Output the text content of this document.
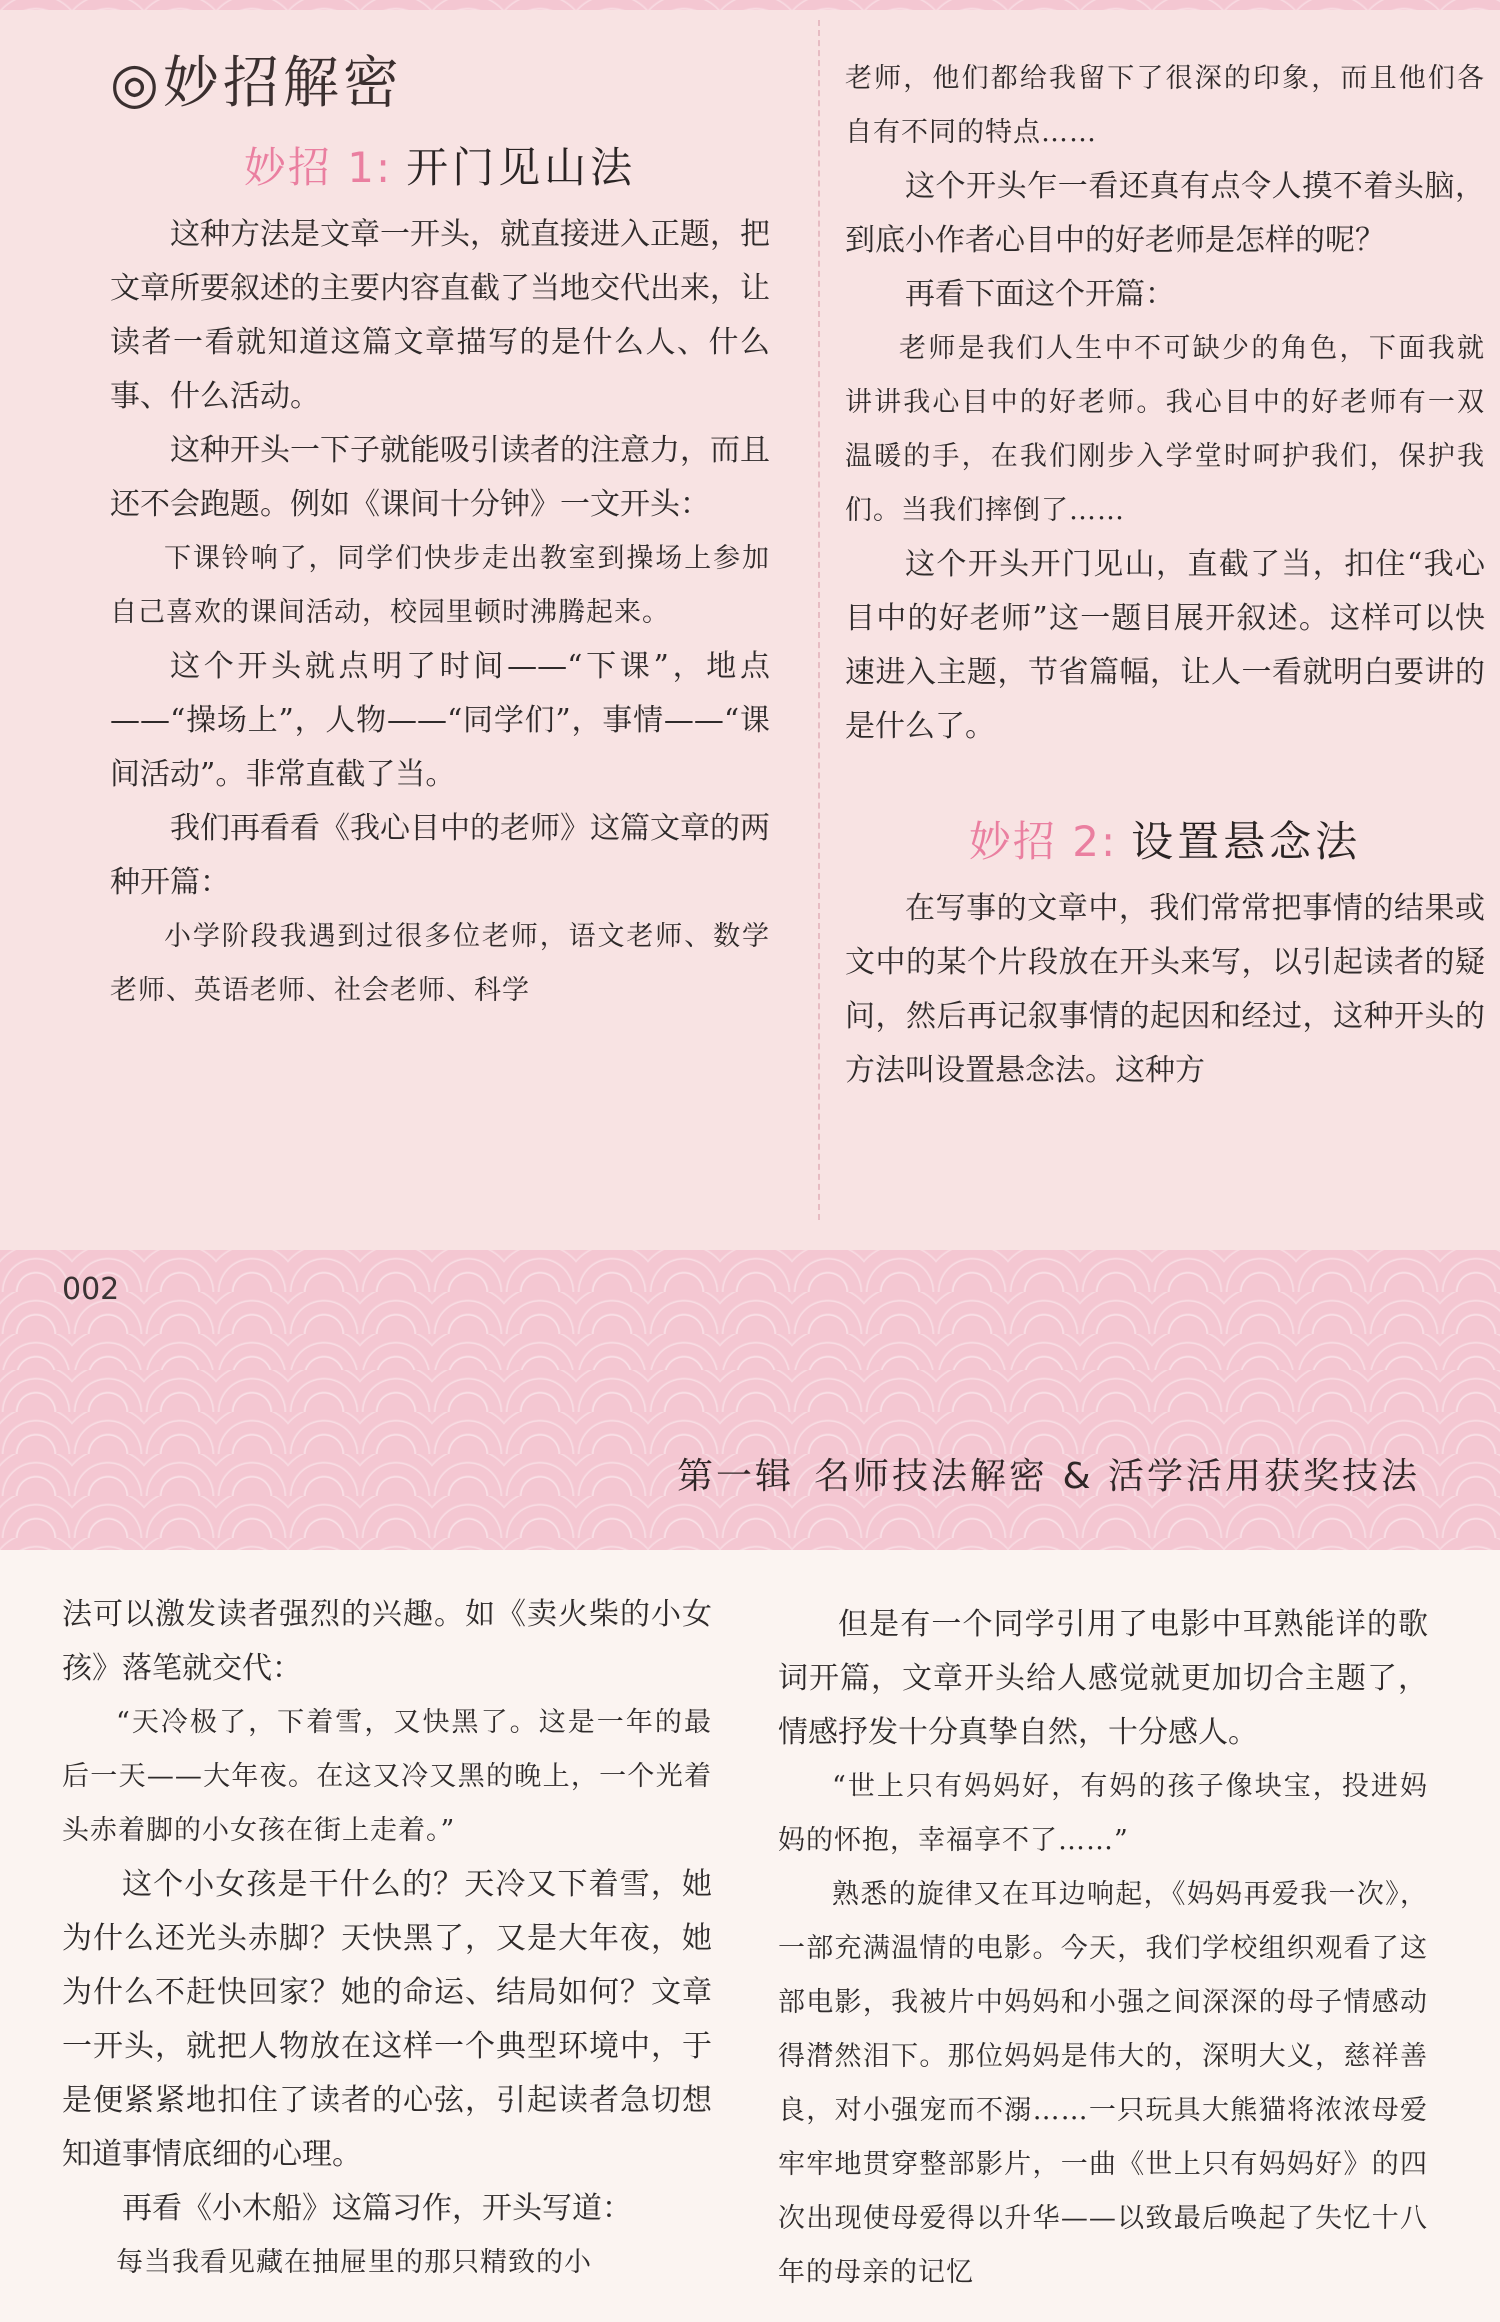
◎妙招解密
妙招 1: 开门见山法

这种方法是文章一开头，就直接进入正题，把文章所要叙述的主要内容直截了当地交代出来，让读者一看就知道这篇文章描写的是什么人、什么事、什么活动。

这种开头一下子就能吸引读者的注意力，而且还不会跑题。例如《课间十分钟》一文开头：

下课铃响了，同学们快步走出教室到操场上参加自己喜欢的课间活动，校园里顿时沸腾起来。

这个开头就点明了时间——“下课”，地点——“操场上”，人物——“同学们”，事情——“课间活动”。非常直截了当。

我们再看看《我心目中的老师》这篇文章的两种开篇：

小学阶段我遇到过很多位老师，语文老师、数学老师、英语老师、社会老师、科学

老师，他们都给我留下了很深的印象，而且他们各自有不同的特点……

这个开头乍一看还真有点令人摸不着头脑，到底小作者心目中的好老师是怎样的呢？

再看下面这个开篇：

老师是我们人生中不可缺少的角色，下面我就讲讲我心目中的好老师。我心目中的好老师有一双温暖的手，在我们刚步入学堂时呵护我们，保护我们。当我们摔倒了……

这个开头开门见山，直截了当，扣住“我心目中的好老师”这一题目展开叙述。这样可以快速进入主题，节省篇幅，让人一看就明白要讲的是什么了。

妙招 2: 设置悬念法

在写事的文章中，我们常常把事情的结果或文中的某个片段放在开头来写，以引起读者的疑问，然后再记叙事情的起因和经过，这种开头的方法叫设置悬念法。这种方

002
第一辑 名师技法解密 & 活学活用获奖技法

法可以激发读者强烈的兴趣。如《卖火柴的小女孩》落笔就交代：

“天冷极了，下着雪，又快黑了。这是一年的最后一天——大年夜。在这又冷又黑的晚上，一个光着头赤着脚的小女孩在街上走着。”

这个小女孩是干什么的？天冷又下着雪，她为什么还光头赤脚？天快黑了，又是大年夜，她为什么不赶快回家？她的命运、结局如何？文章一开头，就把人物放在这样一个典型环境中，于是便紧紧地扣住了读者的心弦，引起读者急切想知道事情底细的心理。

再看《小木船》这篇习作，开头写道：

每当我看见藏在抽屉里的那只精致的小

但是有一个同学引用了电影中耳熟能详的歌词开篇，文章开头给人感觉就更加切合主题了，情感抒发十分真挚自然，十分感人。

“世上只有妈妈好，有妈的孩子像块宝，投进妈妈的怀抱，幸福享不了……”

熟悉的旋律又在耳边响起，《妈妈再爱我一次》，一部充满温情的电影。今天，我们学校组织观看了这部电影，我被片中妈妈和小强之间深深的母子情感动得潸然泪下。那位妈妈是伟大的，深明大义，慈祥善良，对小强宠而不溺……一只玩具大熊猫将浓浓母爱牢牢地贯穿整部影片，一曲《世上只有妈妈好》的四次出现使母爱得以升华——以致最后唤起了失忆十八年的母亲的记忆
